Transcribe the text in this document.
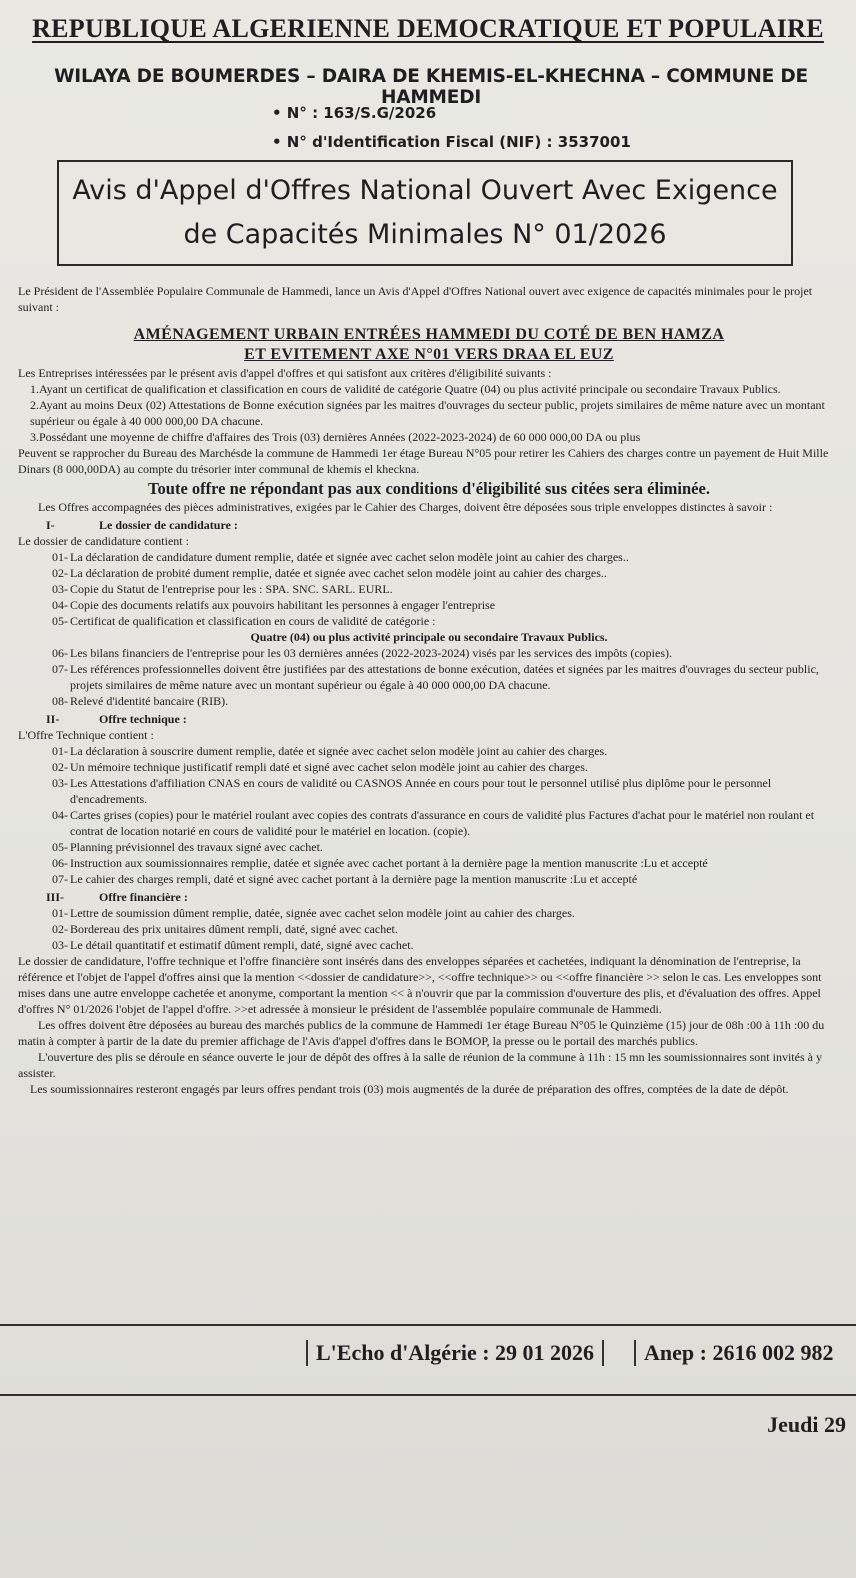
REPUBLIQUE ALGERIENNE DEMOCRATIQUE ET POPULAIRE
WILAYA DE BOUMERDES – DAIRA DE KHEMIS-EL-KHECHNA – COMMUNE DE HAMMEDI
• N° : 163/S.G/2026
• N° d'Identification Fiscal (NIF) : 3537001
Avis d'Appel d'Offres National Ouvert Avec Exigence
de Capacités Minimales N° 01/2026

Le Président de l'Assemblée Populaire Communale de Hammedi, lance un Avis d'Appel d'Offres National ouvert avec exigence de capacités minimales pour le projet suivant :

AMÉNAGEMENT URBAIN ENTRÉES HAMMEDI DU COTÉ DE BEN HAMZA
ET EVITEMENT AXE N°01 VERS DRAA EL EUZ

Les Entreprises intéressées par le présent avis d'appel d'offres et qui satisfont aux critères d'éligibilité suivants :

1.Ayant un certificat de qualification et classification en cours de validité de catégorie Quatre (04) ou plus activité principale ou secondaire Travaux Publics.

2.Ayant au moins Deux (02) Attestations de Bonne exécution signées par les maitres d'ouvrages du secteur public, projets similaires de même nature avec un montant supérieur ou égale à 40 000 000,00 DA chacune.

3.Possédant une moyenne de chiffre d'affaires des Trois (03) dernières Années (2022-2023-2024) de 60 000 000,00 DA ou plus

Peuvent se rapprocher du Bureau des Marchésde la commune de Hammedi 1er étage Bureau N°05 pour retirer les Cahiers des charges contre un payement de Huit Mille Dinars (8 000,00DA) au compte du trésorier inter communal de khemis el kheckna.

Toute offre ne répondant pas aux conditions d'éligibilité sus citées sera éliminée.

Les Offres accompagnées des pièces administratives, exigées par le Cahier des Charges, doivent être déposées sous triple enveloppes distinctes à savoir :

I-	Le dossier de candidature :

Le dossier de candidature contient :

01- La déclaration de candidature dument remplie, datée et signée avec cachet selon modèle joint au cahier des charges..
02- La déclaration de probité dument remplie, datée et signée avec cachet selon modèle joint au cahier des charges..
03- Copie du Statut de l'entreprise pour les : SPA. SNC. SARL. EURL.
04- Copie des documents relatifs aux pouvoirs habilitant les personnes à engager l'entreprise
05- Certificat de qualification et classification en cours de validité de catégorie :
Quatre (04) ou plus activité principale ou secondaire Travaux Publics.
06- Les bilans financiers de l'entreprise pour les 03 dernières années (2022-2023-2024) visés par les services des impôts (copies).
07- Les références professionnelles doivent être justifiées par des attestations de bonne exécution, datées et signées par les maitres d'ouvrages du secteur public, projets similaires de même nature avec un montant supérieur ou égale à 40 000 000,00 DA chacune.
08- Relevé d'identité bancaire (RIB).
II-	Offre technique :

L'Offre Technique contient :

01- La déclaration à souscrire dument remplie, datée et signée avec cachet selon modèle joint au cahier des charges.
02- Un mémoire technique justificatif rempli daté et signé avec cachet selon modèle joint au cahier des charges.
03- Les Attestations d'affiliation CNAS en cours de validité ou CASNOS Année en cours pour tout le personnel utilisé plus diplôme pour le personnel d'encadrements.
04- Cartes grises (copies) pour le matériel roulant avec copies des contrats d'assurance en cours de validité plus Factures d'achat pour le matériel non roulant et contrat de location notarié en cours de validité pour le matériel en location. (copie).
05- Planning prévisionnel des travaux signé avec cachet.
06- Instruction aux soumissionnaires remplie, datée et signée avec cachet portant à la dernière page la mention manuscrite :Lu et accepté
07- Le cahier des charges rempli, daté et signé avec cachet portant à la dernière page la mention manuscrite :Lu et accepté
III-	Offre financière :
01- Lettre de soumission dûment remplie, datée, signée avec cachet selon modèle joint au cahier des charges.
02- Bordereau des prix unitaires dûment rempli, daté, signé avec cachet.
03- Le détail quantitatif et estimatif dûment rempli, daté, signé avec cachet.

Le dossier de candidature, l'offre technique et l'offre financière sont insérés dans des enveloppes séparées et cachetées, indiquant la dénomination de l'entreprise, la référence et l'objet de l'appel d'offres ainsi que la mention <<dossier de candidature>>, <<offre technique>> ou <<offre financière >> selon le cas. Les enveloppes sont mises dans une autre enveloppe cachetée et anonyme, comportant la mention << à n'ouvrir que par la commission d'ouverture des plis, et d'évaluation des offres. Appel d'offres N° 01/2026 l'objet de l'appel d'offre. >>et adressée à monsieur le président de l'assemblée populaire communale de Hammedi.

Les offres doivent être déposées au bureau des marchés publics de la commune de Hammedi 1er étage Bureau N°05 le Quinzième (15) jour de 08h :00 à 11h :00 du matin à compter à partir de la date du premier affichage de l'Avis d'appel d'offres dans le BOMOP, la presse ou le portail des marchés publics.

L'ouverture des plis se déroule en séance ouverte le jour de dépôt des offres à la salle de réunion de la commune à 11h : 15 mn les soumissionnaires sont invités à y assister.

Les soumissionnaires resteront engagés par leurs offres pendant trois (03) mois augmentés de la durée de préparation des offres, comptées de la date de dépôt.

L'Echo d'Algérie : 29 01 2026	Anep : 2616 002 982
Jeudi 29
